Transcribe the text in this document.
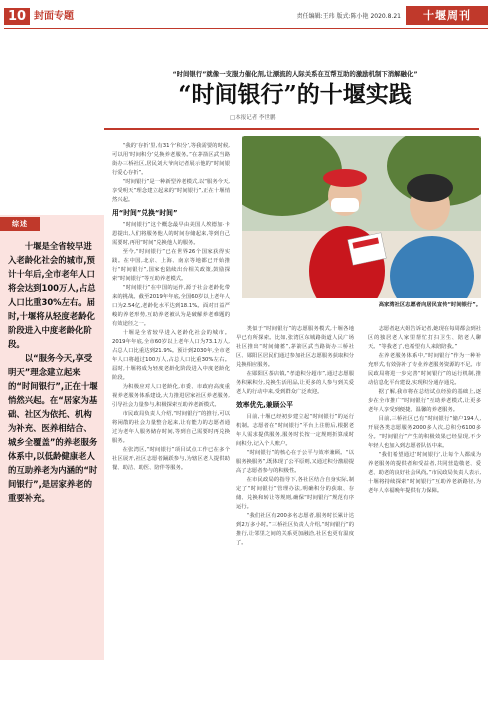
10 封面专题	责任编辑:王玮 版式:陈小艳 2020.8.21	十堰周刊
“时间银行”就像一支服力催化剂,让漂流的人际关系在互帮互助的激励机制下消解融化”
“时间银行”的十堰实践
□本报记者 李世鹏
综述

十堰是全省较早进入老龄化社会的城市,预计十年后,全市老年人口将会达到100万人,占总人口比重30%左右。届时,十堰将从轻度老龄化阶段进入中度老龄化阶段。

以“服务今天,享受明天”理念建立起来的“时间银行”,正在十堰悄然兴起。在“居家为基础、社区为依托、机构为补充、医养相结合、城乡全覆盖”的养老服务体系中,以低龄健康老人的互助养老为内涵的“时间银行”,是居家养老的重要补充。

“我的‘存折’里,有31个‘积分’,等我需要的时候,可以用‘时间积分’兑换养老服务。”在茅箭区武当路街办三桥社区,居民刘大爷向记者展示他的“时间银行爱心存折”。

“时间银行”是一种新型养老模式,以“服务今天,享受明天”理念建立起来的“时间银行”,正在十堰悄然兴起。

用“时间”兑换“时间”

“时间银行”这个概念最早由美国人埃德加·卡恩提出,人们将服务他人的时间存储起来,等到自己需要时,再用“时间”兑换他人的服务。

至今,“时间银行”已在世界26个国家获得实践。在中国,北京、上海、南京等地都已开始推行“时间银行”,国家也陆续出台相关政策,鼓励探索“时间银行”等互助养老模式。

“时间银行”在中国的运作,源于社会老龄化带来的挑战。截至2019年年底,全国60岁以上老年人口为2.54亿,老龄化水平达到18.1%。面对日益严峻的养老形势,互助养老被认为是破解养老难题的有效途径之一。

十堰是全省较早进入老龄化社会的城市。2019年年底,全市60岁以上老年人口为73.1万人,占总人口比重达到21.9%。预计到2030年,全市老年人口将超过100万人,占总人口比重30%左右。届时,十堰将成为轻度老龄化阶段进入中度老龄化阶段。

为积极应对人口老龄化,市委、市政府高度重视养老服务体系建设,大力推进居家社区养老服务,引导社会力量参与,积极探索互助养老新模式。

市民政局负责人介绍,“时间银行”的推行,可以将闲散的社会力量整合起来,让有能力的志愿者通过为老年人服务储存时间,等到自己需要时再兑换服务。

在张湾区,“时间银行”项目试点工作已在多个社区展开,社区志愿者踊跃参与,为辖区老人提供助餐、助洁、助医、陪伴等服务。

高家湾社区志愿者向居民宣传“时间银行”。

类似于“时间银行”的志愿服务模式,十堰各地早已有所探索。比如,张湾区东城路街道人民广场社区推出“时间储蓄”,茅箭区武当路街办三桥社区、郧阳区居民们通过参加社区志愿服务获取积分兑换相应服务。

在郧阳区茶店镇,“孝道积分超市”,通过志愿服务积累积分,兑换生活用品,让更多的人参与到关爱老人的行动中来,受到群众广泛欢迎。

效率优先,兼顾公平

目前,十堰已经初步建立起“时间银行”的运行机制。志愿者在“时间银行”平台上注册后,根据老年人需求提供服务,服务时长按一定规则折算成时间积分,记入个人账户。

“时间银行”的核心在于公平与效率兼顾。“以服务换服务”,既体现了公平原则,又通过积分激励提高了志愿者参与的积极性。

在市民政局的指导下,各社区结合自身实际,制定了“时间银行”管理办法,明确积分的获取、存储、兑换和转让等规则,确保“时间银行”规范有序运行。

“我们社区有200多名志愿者,服务时长累计达到2万多小时。”三桥社区负责人介绍,“时间银行”的推行,让邻里之间的关系更加融洽,社区也更有温度了。

志愿者赵大姐告诉记者,她现在每周都会到社区的独居老人家里帮忙打扫卫生、陪老人聊天。“等我老了,也希望有人来陪陪我。”

在养老服务体系中,“时间银行”作为一种补充形式,有效弥补了专业养老服务资源的不足。市民政局将进一步完善“时间银行”的运行机制,推动信息化平台建设,实现积分通存通兑。

据了解,我市将在总结试点经验的基础上,逐步在全市推广“时间银行”互助养老模式,让更多老年人享受到便捷、温馨的养老服务。

目前,三桥社区已有“时间银行”储户194人,开展各类志愿服务2000多人次,总积分6100多分。“时间银行”产生的积极效果已经显现,不少年轻人也加入到志愿者队伍中来。

“我们希望通过‘时间银行’,让每个人都成为养老服务的提供者和受益者,共同营造敬老、爱老、助老的良好社会风尚。”市民政局负责人表示,十堰将持续探索“时间银行”互助养老新路径,为老年人幸福晚年提供有力保障。
